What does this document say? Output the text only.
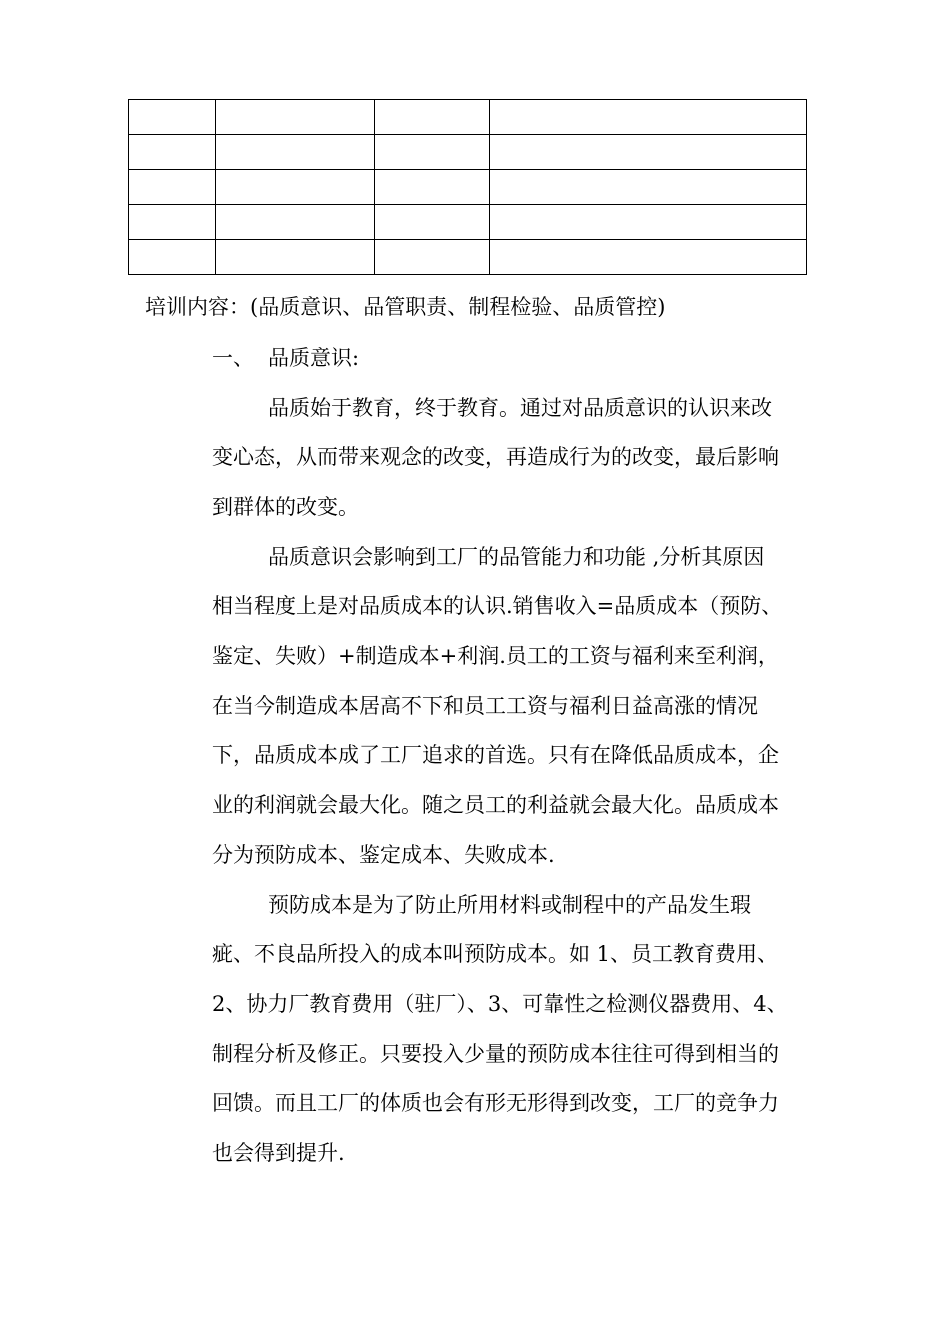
培训内容：(品质意识、品管职责、制程检验、品质管控)

一、 品质意识:

品质始于教育，终于教育。通过对品质意识的认识来改

变心态，从而带来观念的改变，再造成行为的改变，最后影响

到群体的改变。

品质意识会影响到工厂的品管能力和功能 ,分析其原因

相当程度上是对品质成本的认识.销售收入=品质成本（预防、

鉴定、失败）+制造成本+利润.员工的工资与福利来至利润，

在当今制造成本居高不下和员工工资与福利日益高涨的情况

下，品质成本成了工厂追求的首选。只有在降低品质成本，企

业的利润就会最大化。随之员工的利益就会最大化。品质成本

分为预防成本、鉴定成本、失败成本.

预防成本是为了防止所用材料或制程中的产品发生瑕

疵、不良品所投入的成本叫预防成本。如 1、员工教育费用、

2、协力厂教育费用（驻厂）、3、可靠性之检测仪器费用、4、

制程分析及修正。只要投入少量的预防成本往往可得到相当的

回馈。而且工厂的体质也会有形无形得到改变，工厂的竞争力

也会得到提升.
